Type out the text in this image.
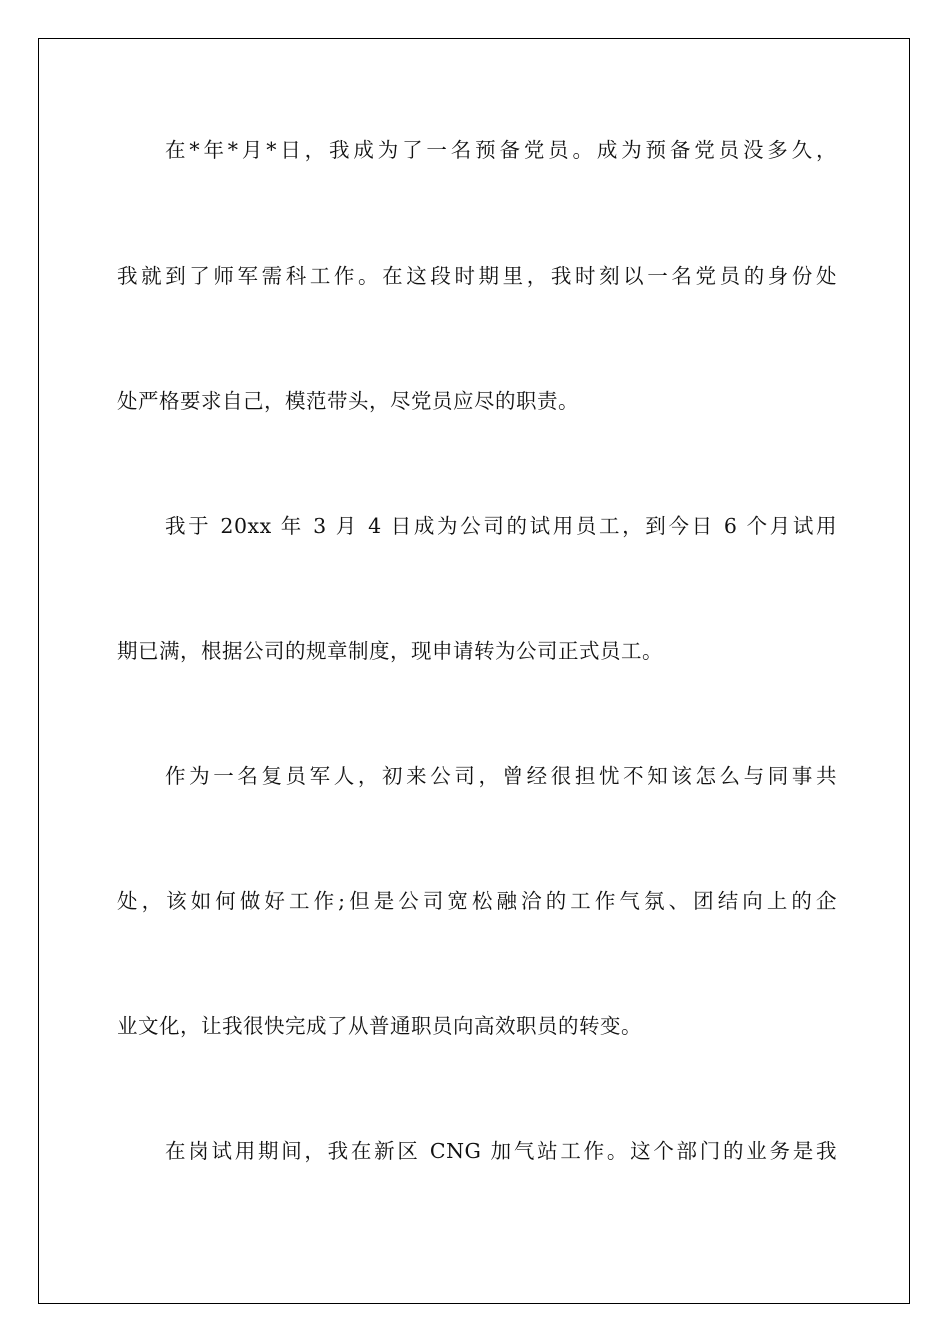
在*年*月*日，我成为了一名预备党员。成为预备党员没多久，
我就到了师军需科工作。在这段时期里，我时刻以一名党员的身份处
处严格要求自己，模范带头，尽党员应尽的职责。
我于 20xx 年 3 月 4 日成为公司的试用员工，到今日 6 个月试用
期已满，根据公司的规章制度，现申请转为公司正式员工。
作为一名复员军人，初来公司，曾经很担忧不知该怎么与同事共
处，该如何做好工作;但是公司宽松融洽的工作气氛、团结向上的企
业文化，让我很快完成了从普通职员向高效职员的转变。
在岗试用期间，我在新区 CNG 加气站工作。这个部门的业务是我
